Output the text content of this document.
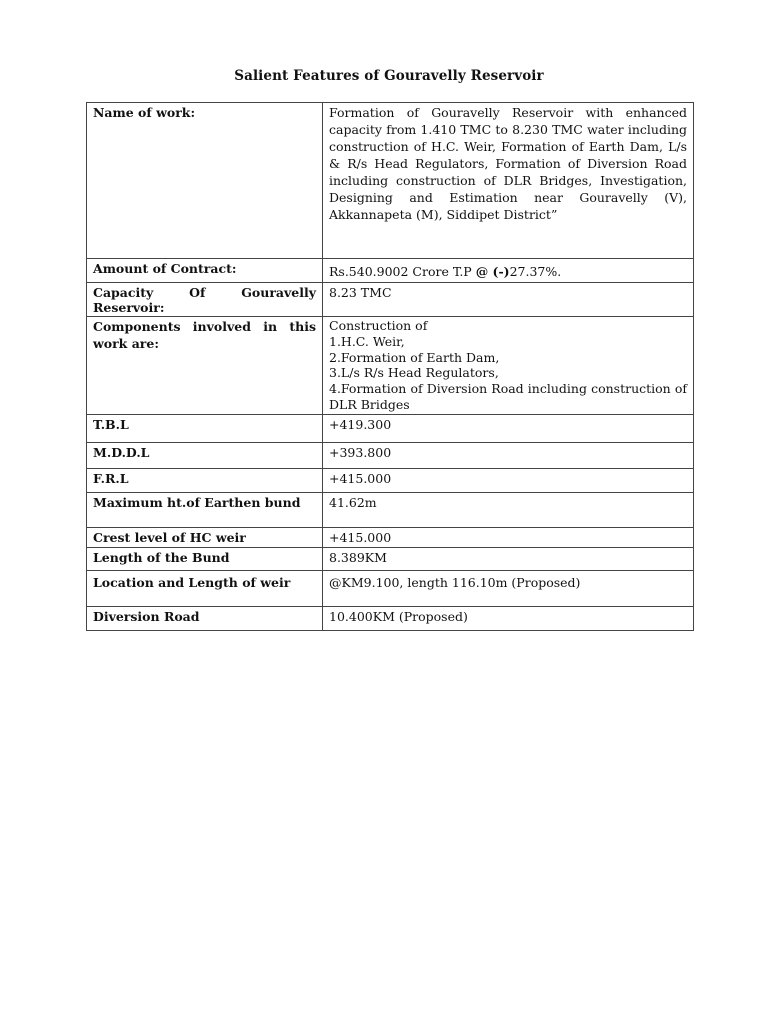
Salient Features of Gouravelly Reservoir
Name of work:	Formation of Gouravelly Reservoir with enhanced capacity from 1.410 TMC to 8.230 TMC water including construction of H.C. Weir, Formation of Earth Dam, L/s & R/s Head Regulators, Formation of Diversion Road including construction of DLR Bridges, Investigation, Designing and Estimation near Gouravelly (V), Akkannapeta (M), Siddipet District”
Amount of Contract:	Rs.540.9002 Crore T.P @ (-)27.37%.
Capacity Of Gouravelly Reservoir:	8.23 TMC
Components involved in this work are:	Construction of
1.H.C. Weir,
2.Formation of Earth Dam,
3.L/s R/s Head Regulators,
4.Formation of Diversion Road including construction of DLR Bridges

T.B.L	+419.300
M.D.D.L	+393.800
F.R.L	+415.000
Maximum ht.of Earthen bund	41.62m
Crest level of HC weir	+415.000
Length of the Bund	8.389KM
Location and Length of weir	@KM9.100, length 116.10m (Proposed)
Diversion Road	10.400KM (Proposed)
